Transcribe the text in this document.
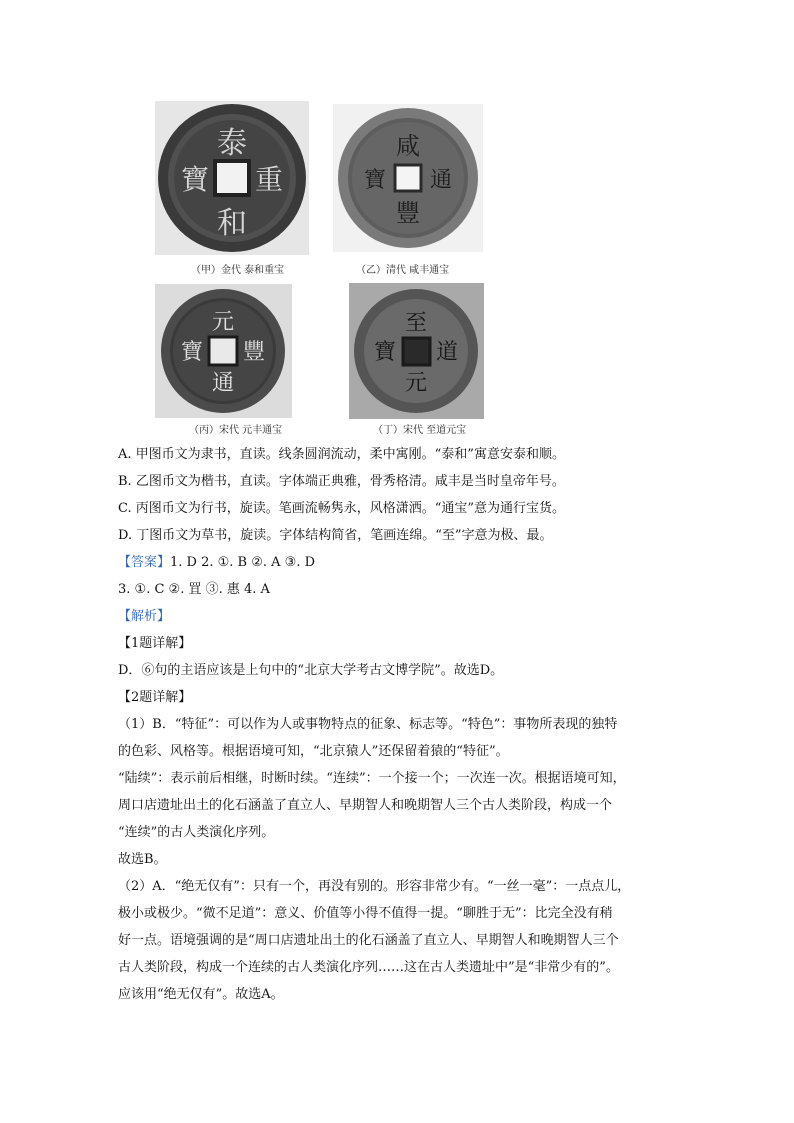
泰
重
和
寶
（甲）金代 泰和重宝
咸
通
豐
寶
（乙）清代 咸丰通宝
元
豐
通
寶
（丙）宋代 元丰通宝
至
道
元
寶
（丁）宋代 至道元宝
A. 甲图币文为隶书，直读。线条圆润流动，柔中寓刚。“泰和”寓意安泰和顺。
B. 乙图币文为楷书，直读。字体端正典雅，骨秀格清。咸丰是当时皇帝年号。
C. 丙图币文为行书，旋读。笔画流畅隽永，风格潇洒。“通宝”意为通行宝货。
D. 丁图币文为草书，旋读。字体结构简省，笔画连绵。“至”字意为极、最。
【答案】1. D 2. ①. B ②. A ③. D
3. ①. C ②. 罝 ③. 惠 4. A
【解析】
【1题详解】
D．⑥句的主语应该是上句中的“北京大学考古文博学院”。故选D。
【2题详解】
（1）B．“特征”：可以作为人或事物特点的征象、标志等。“特色”：事物所表现的独特
的色彩、风格等。根据语境可知，“北京猿人”还保留着猿的“特征”。
“陆续”：表示前后相继，时断时续。“连续”：一个接一个；一次连一次。根据语境可知，
周口店遗址出土的化石涵盖了直立人、早期智人和晚期智人三个古人类阶段，构成一个
“连续”的古人类演化序列。
故选B。
（2）A．“绝无仅有”：只有一个，再没有别的。形容非常少有。“一丝一毫”：一点点儿，
极小或极少。“微不足道”：意义、价值等小得不值得一提。“聊胜于无”：比完全没有稍
好一点。语境强调的是“周口店遗址出土的化石涵盖了直立人、早期智人和晚期智人三个
古人类阶段，构成一个连续的古人类演化序列……这在古人类遗址中”是“非常少有的”。
应该用“绝无仅有”。故选A。
